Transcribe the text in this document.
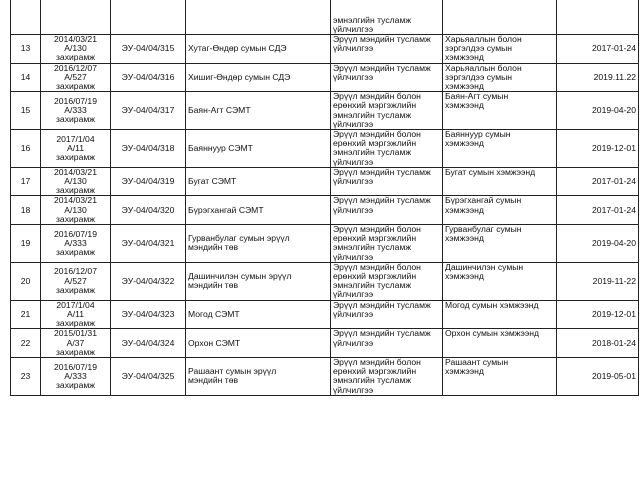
				эмнэлгийн тусламж
үйлчилгээ		

13	2014/03/21
A/130
захирамж	ЭУ-04/04/315	Хутаг-Өндөр сумын СДЭ	Эрүүл мэндийн тусламж
үйлчилгээ	Харьяаллын болон
зэргэлдээ сумын
хэмжээнд	2017-01-24
14	2016/12/07
A/527
захирамж	ЭУ-04/04/316	Хишиг-Өндөр сумын СДЭ	Эрүүл мэндийн тусламж
үйлчилгээ	Харьяаллын болон
зэргэлдээ сумын
хэмжээнд	2019.11.22
15	2016/07/19
A/333
захирамж	ЭУ-04/04/317	Баян-Агт СЭМТ	Эрүүл мэндийн болон
ерөнхий мэргэжлийн
эмнэлгийн тусламж
үйлчилгээ	Баян-Агт сумын
хэмжээнд	2019-04-20
16	2017/1/04
A/11
захирамж	ЭУ-04/04/318	Баяннуур СЭМТ	Эрүүл мэндийн болон
ерөнхий мэргэжлийн
эмнэлгийн тусламж
үйлчилгээ	Баяннуур сумын
хэмжээнд	2019-12-01
17	2014/03/21
A/130
захирамж	ЭУ-04/04/319	Бугат СЭМТ	Эрүүл мэндийн тусламж
үйлчилгээ	Бугат сумын хэмжээнд	2017-01-24
18	2014/03/21
A/130
захирамж	ЭУ-04/04/320	Бүрэгхангай СЭМТ	Эрүүл мэндийн тусламж
үйлчилгээ	Бүрэгхангай сумын
хэмжээнд	2017-01-24
19	2016/07/19
A/333
захирамж	ЭУ-04/04/321	Гурванбулаг сумын эрүүл
мэндийн төв	Эрүүл мэндийн болон
ерөнхий мэргэжлийн
эмнэлгийн тусламж
үйлчилгээ	Гурванбулаг сумын
хэмжээнд	2019-04-20
20	2016/12/07
A/527
захирамж	ЭУ-04/04/322	Дашинчилэн сумын эрүүл
мэндийн төв	Эрүүл мэндийн болон
ерөнхий мэргэжлийн
эмнэлгийн тусламж
үйлчилгээ	Дашинчилэн сумын
хэмжээнд	2019-11-22
21	2017/1/04
A/11
захирамж	ЭУ-04/04/323	Могод СЭМТ	Эрүүл мэндийн тусламж
үйлчилгээ	Могод сумын хэмжээнд	2019-12-01
22	2015/01/31
A/37
захирамж	ЭУ-04/04/324	Орхон СЭМТ	Эрүүл мэндийн тусламж
үйлчилгээ	Орхон сумын хэмжээнд	2018-01-24
23	2016/07/19
A/333
захирамж	ЭУ-04/04/325	Рашаант сумын эрүүл
мэндийн төв	Эрүүл мэндийн болон
ерөнхий мэргэжлийн
эмнэлгийн тусламж
үйлчилгээ	Рашаант сумын
хэмжээнд	2019-05-01
